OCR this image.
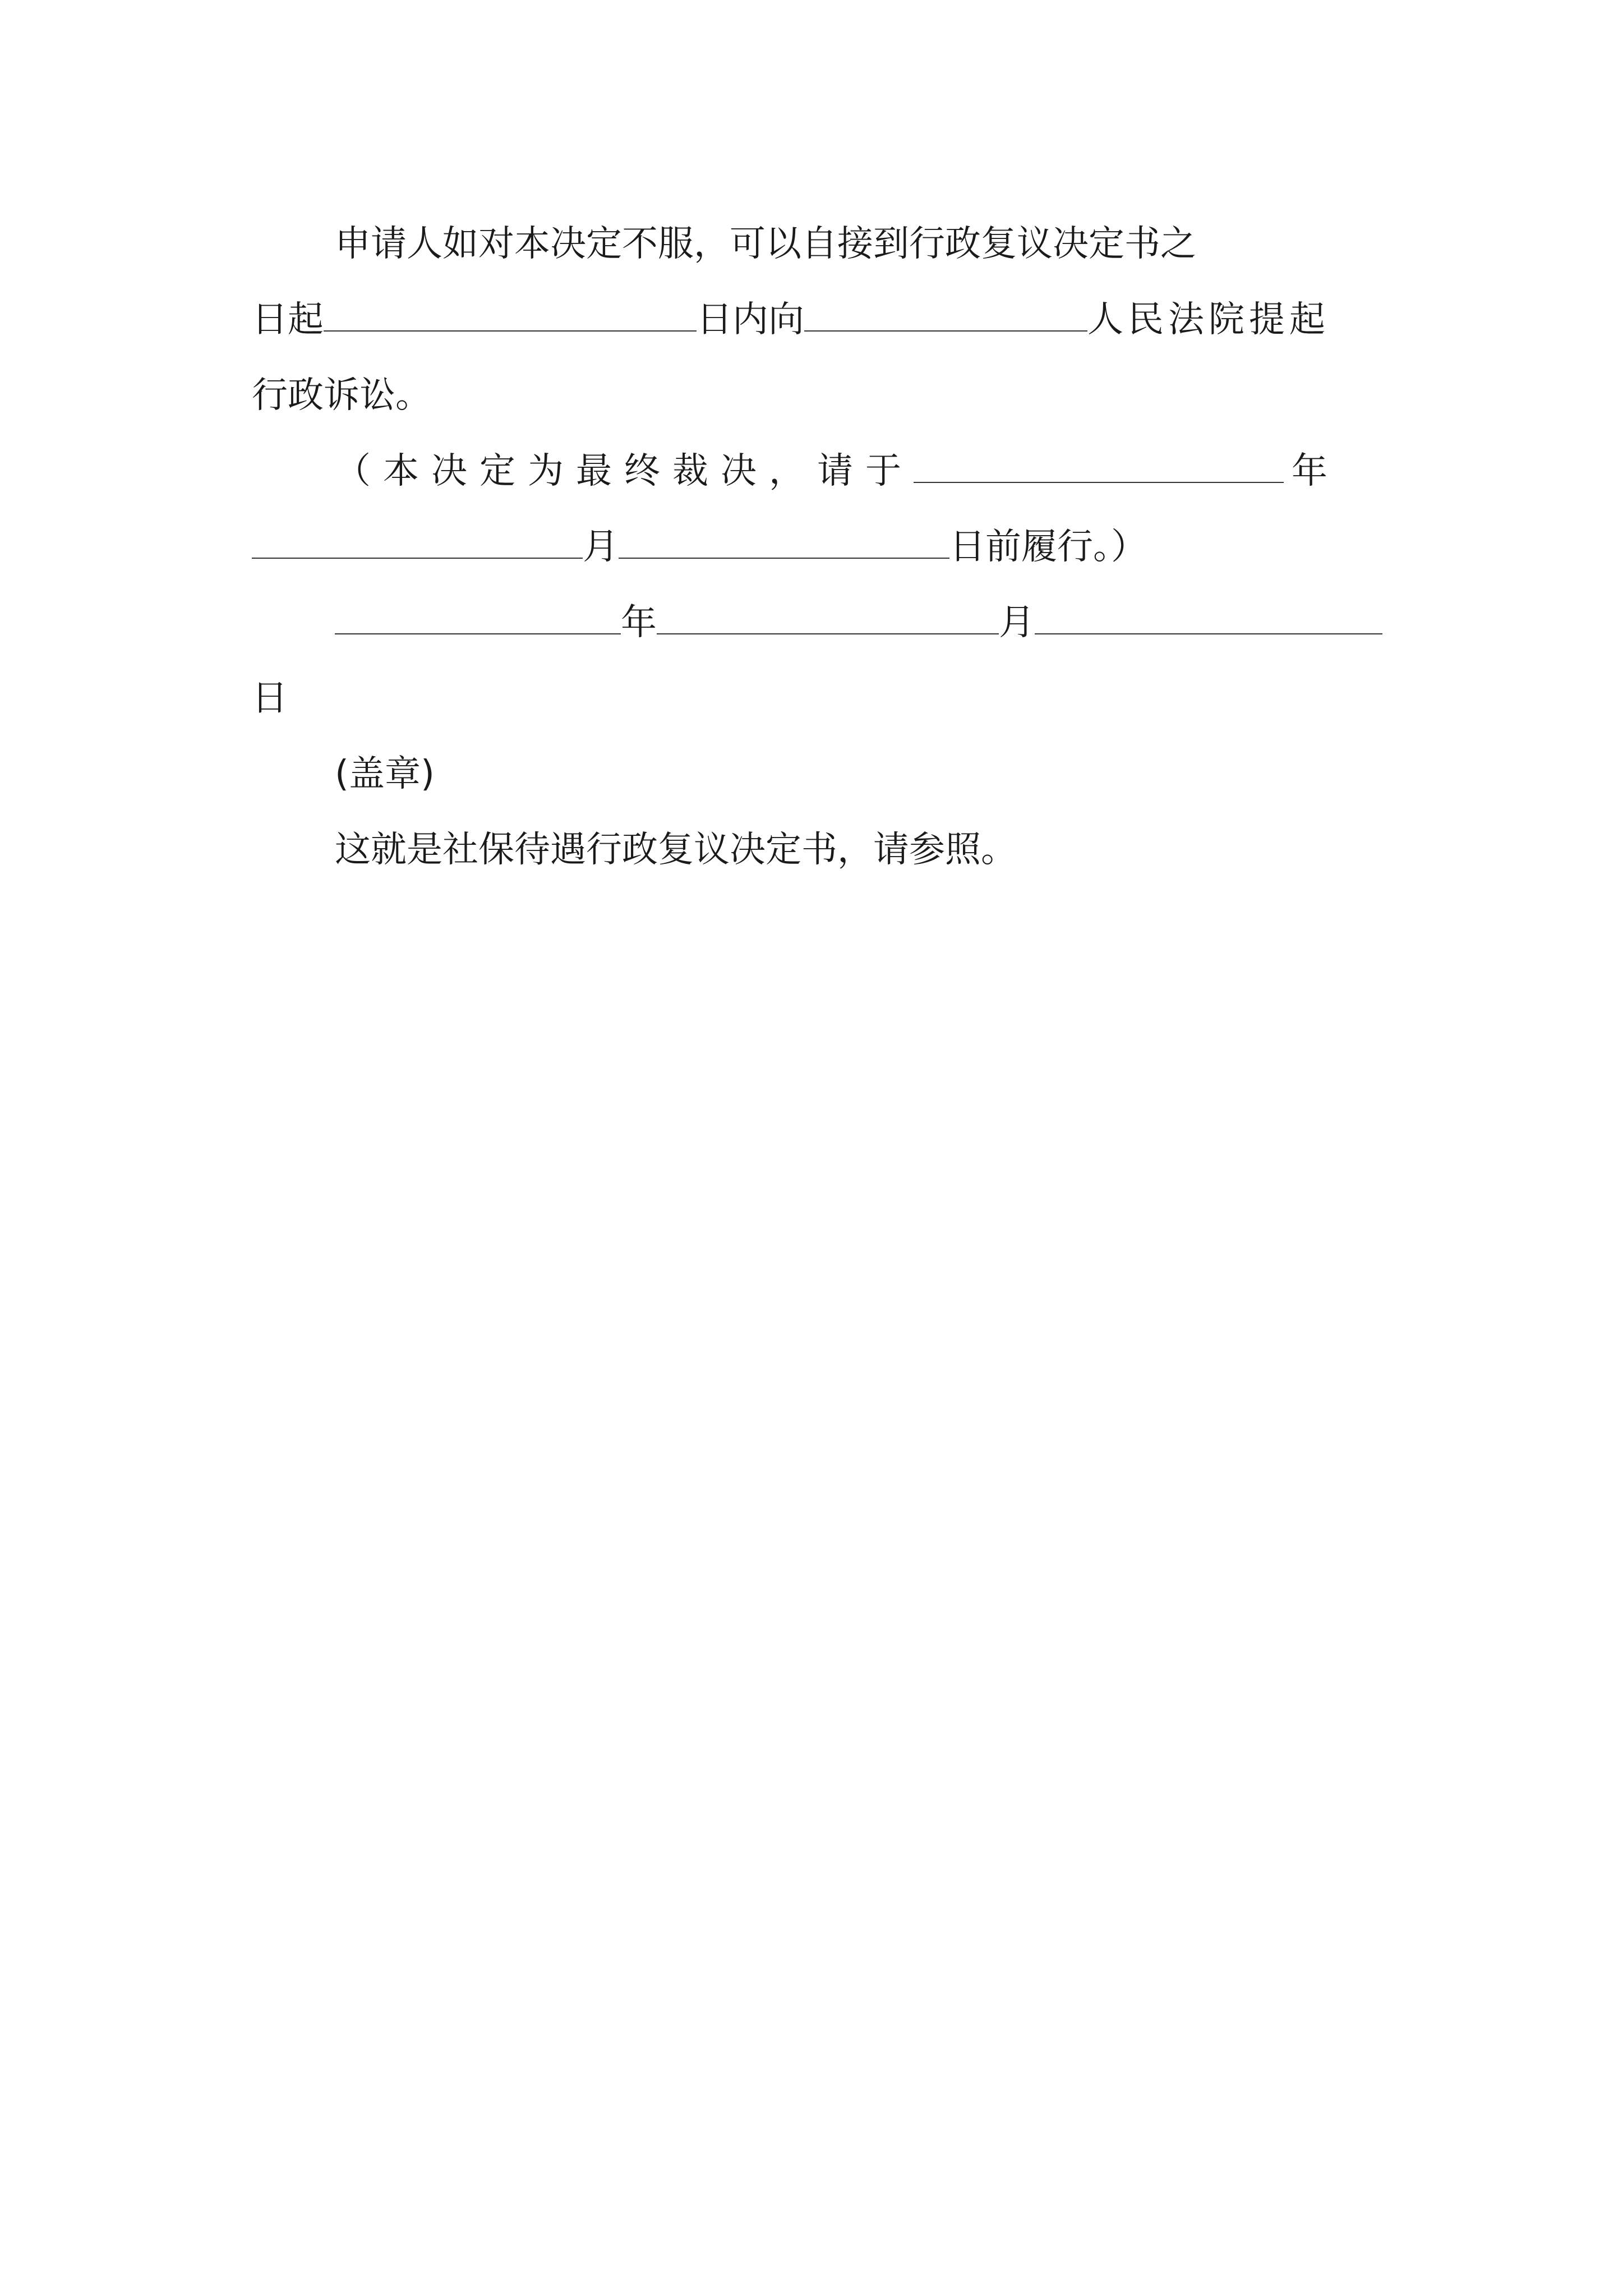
申请人如对本决定不服，可以自接到行政复议决定书之
日起	日内向	人民法院提起
行政诉讼。
（本决定为最终裁决，请于	年
月	日前履行。）
年	月
日
(盖章)
这就是社保待遇行政复议决定书，请参照。
